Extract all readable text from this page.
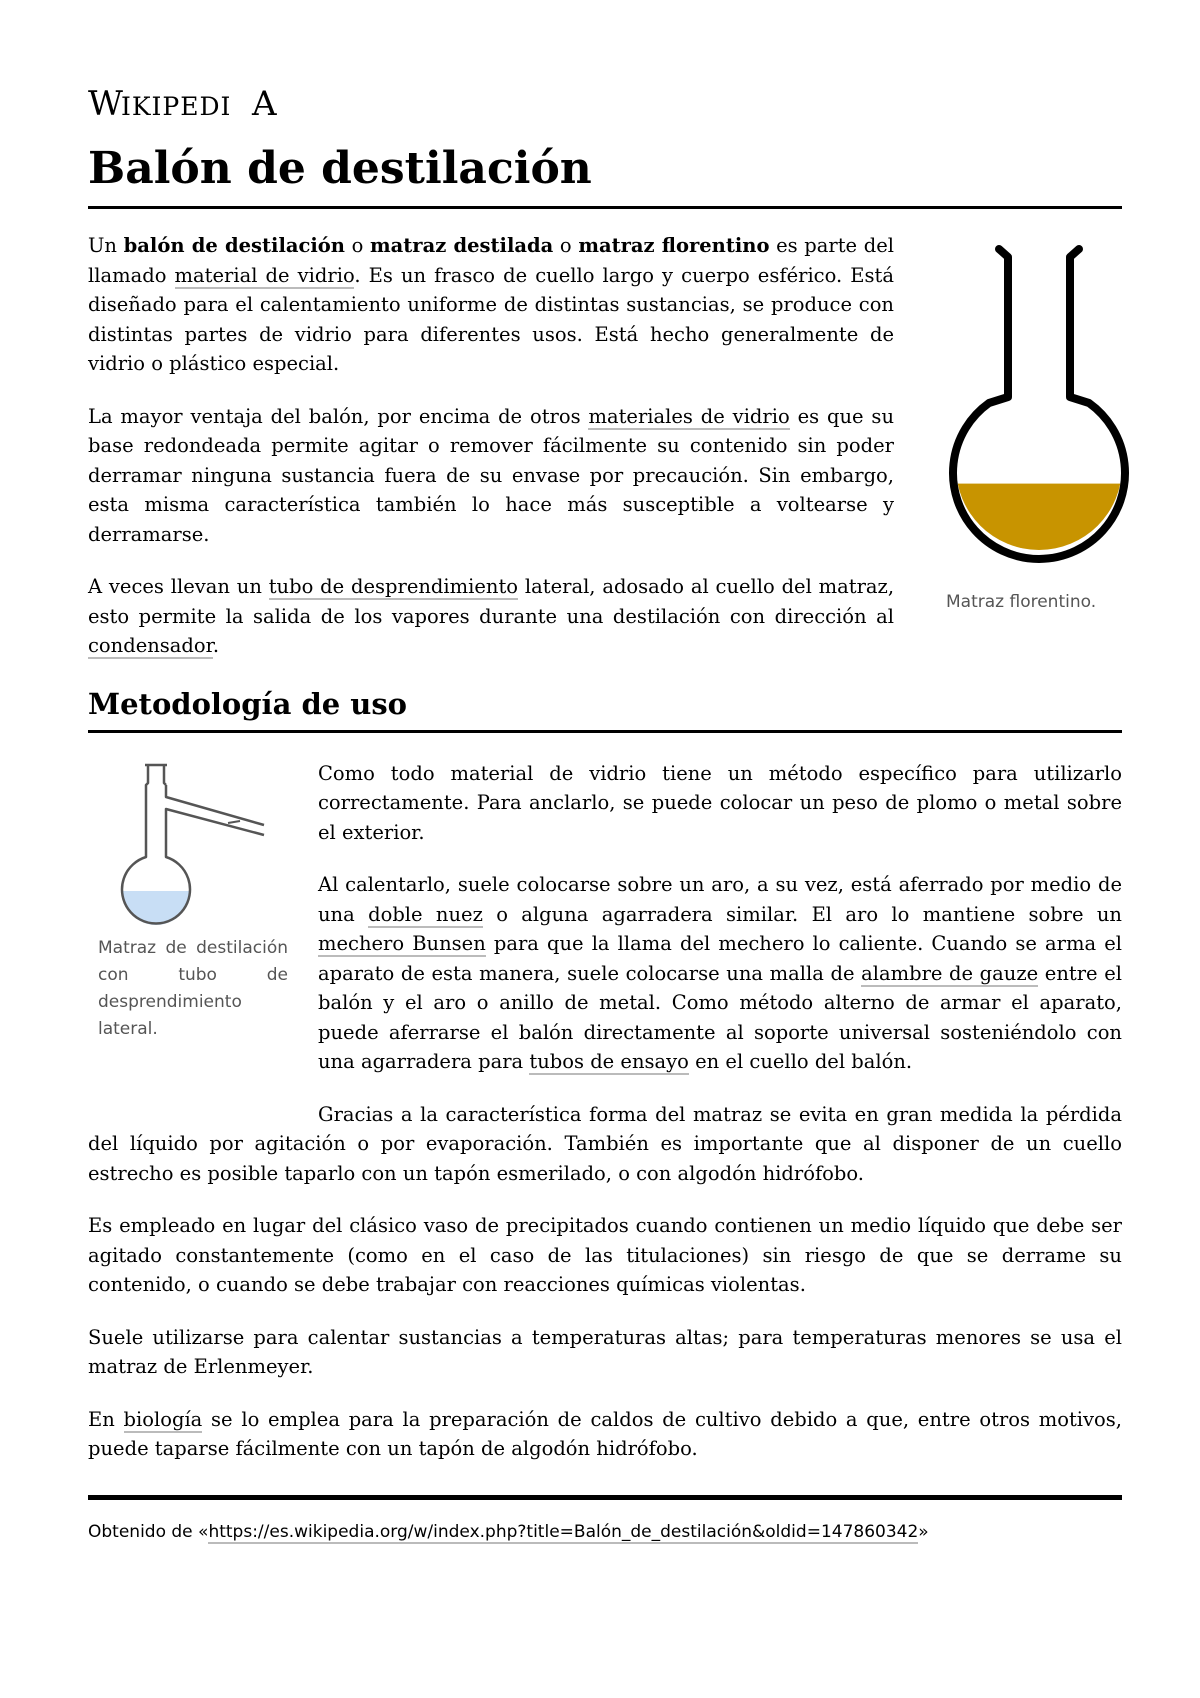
W
IKIPEDI A
Balón de destilación

Un balón de destilación o matraz destilada o matraz florentino es parte del llamado material de vidrio. Es un frasco de cuello largo y cuerpo esférico. Está diseñado para el calentamiento uniforme de distintas sustancias, se produce con distintas partes de vidrio para diferentes usos. Está hecho generalmente de vidrio o plástico especial.

La mayor ventaja del balón, por encima de otros materiales de vidrio es que su base redondeada permite agitar o remover fácilmente su contenido sin poder derramar ninguna sustancia fuera de su envase por precaución. Sin embargo, esta misma característica también lo hace más susceptible a voltearse y derramarse.

A veces llevan un tubo de desprendimiento lateral, adosado al cuello del matraz, esto permite la salida de los vapores durante una destilación con dirección al condensador.

Matraz florentino.
Metodología de uso
Matraz de destilación con tubo de desprendimiento lateral.

Como todo material de vidrio tiene un método específico para utilizarlo correctamente. Para anclarlo, se puede colocar un peso de plomo o metal sobre el exterior.

Al calentarlo, suele colocarse sobre un aro, a su vez, está aferrado por medio de una doble nuez o alguna agarradera similar. El aro lo mantiene sobre un mechero Bunsen para que la llama del mechero lo caliente. Cuando se arma el aparato de esta manera, suele colocarse una malla de alambre de gauze entre el balón y el aro o anillo de metal. Como método alterno de armar el aparato, puede aferrarse el balón directamente al soporte universal sosteniéndolo con una agarradera para tubos de ensayo en el cuello del balón.

Gracias a la característica forma del matraz se evita en gran medida la pérdida del líquido por agitación o por evaporación. También es importante que al disponer de un cuello estrecho es posible taparlo con un tapón esmerilado, o con algodón hidrófobo.

Es empleado en lugar del clásico vaso de precipitados cuando contienen un medio líquido que debe ser agitado constantemente (como en el caso de las titulaciones) sin riesgo de que se derrame su contenido, o cuando se debe trabajar con reacciones químicas violentas.

Suele utilizarse para calentar sustancias a temperaturas altas; para temperaturas menores se usa el matraz de Erlenmeyer.

En biología se lo emplea para la preparación de caldos de cultivo debido a que, entre otros motivos, puede taparse fácilmente con un tapón de algodón hidrófobo.

Obtenido de «https://es.wikipedia.org/w/index.php?title=Balón_de_destilación&oldid=147860342»
